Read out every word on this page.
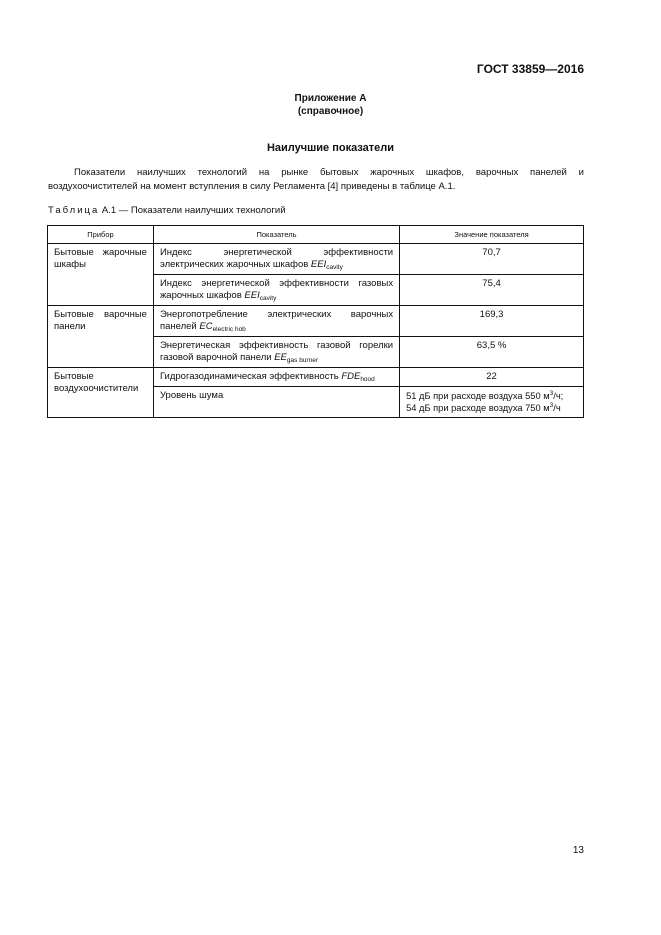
ГОСТ 33859—2016
Приложение А
(справочное)
Наилучшие показатели

Показатели наилучших технологий на рынке бытовых жарочных шкафов, варочных панелей и воздухоочистителей на момент вступления в силу Регламента [4] приведены в таблице А.1.

Таблица А.1 — Показатели наилучших технологий
Прибор	Показатель	Значение показателя
Бытовые жарочные шкафы	Индекс энергетической эффективности электрических жарочных шкафов $EEI_{cavity}$	70,7
	Индекс энергетической эффективности газовых жарочных шкафов $EEI_{cavity}$	75,4
Бытовые варочные панели	Энергопотребление электрических варочных панелей $EC_{electric hob}$	169,3
	Энергетическая эффективность газовой горелки газовой варочной панели $EE_{gas burner}$	63,5 %
Бытовые воздухоочистители	Гидрогазодинамическая эффективность $FDE_{hood}$	22
	Уровень шума	51 дБ при расходе воздуха 550 $м^3/ч$;
54 дБ при расходе воздуха 750 $м^3/ч$
13
